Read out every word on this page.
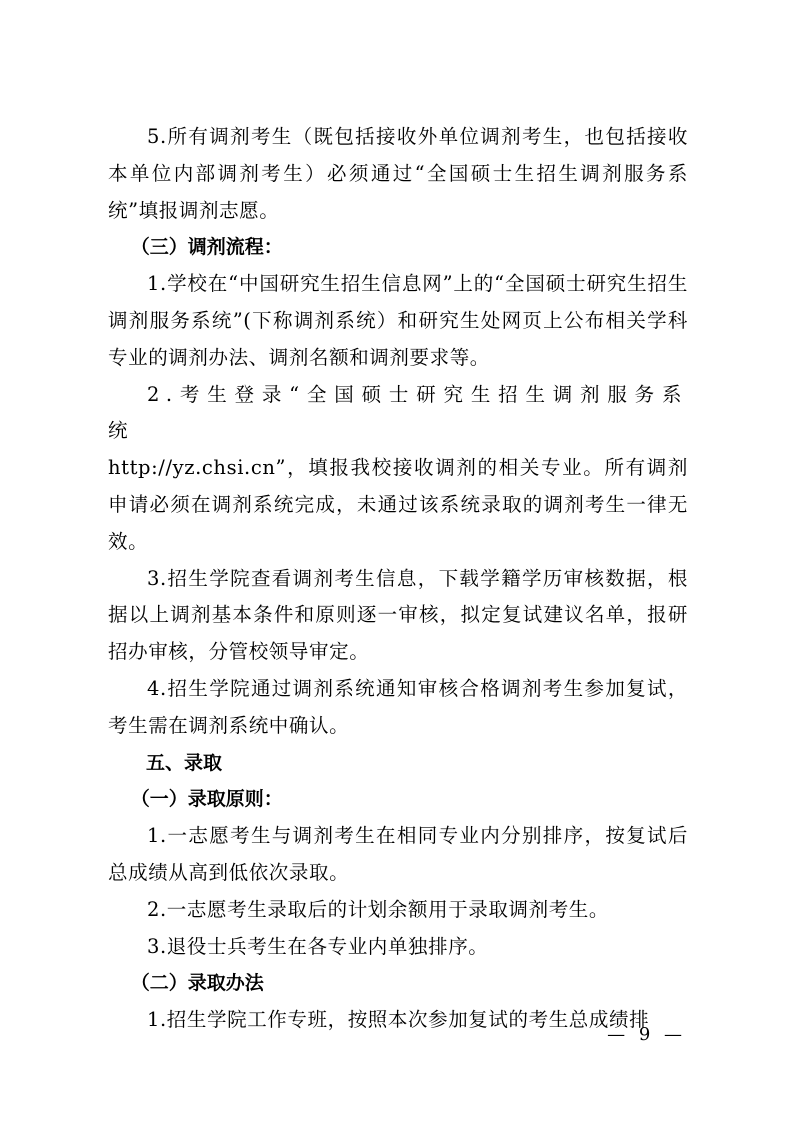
5.所有调剂考生（既包括接收外单位调剂考生，也包括接收本单位内部调剂考生）必须通过“全国硕士生招生调剂服务系统”填报调剂志愿。

（三）调剂流程：

1.学校在“中国研究生招生信息网”上的“全国硕士研究生招生调剂服务系统”(下称调剂系统）和研究生处网页上公布相关学科专业的调剂办法、调剂名额和调剂要求等。

2.考生登录“全国硕士研究生招生调剂服务系统

http://yz.chsi.cn”，填报我校接收调剂的相关专业。所有调剂申请必须在调剂系统完成，未通过该系统录取的调剂考生一律无效。

3.招生学院查看调剂考生信息，下载学籍学历审核数据，根据以上调剂基本条件和原则逐一审核，拟定复试建议名单，报研招办审核，分管校领导审定。

4.招生学院通过调剂系统通知审核合格调剂考生参加复试，考生需在调剂系统中确认。

五、录取

（一）录取原则：

1.一志愿考生与调剂考生在相同专业内分别排序，按复试后总成绩从高到低依次录取。

2.一志愿考生录取后的计划余额用于录取调剂考生。

3.退役士兵考生在各专业内单独排序。

（二）录取办法

1.招生学院工作专班，按照本次参加复试的考生总成绩排

— 9 —
